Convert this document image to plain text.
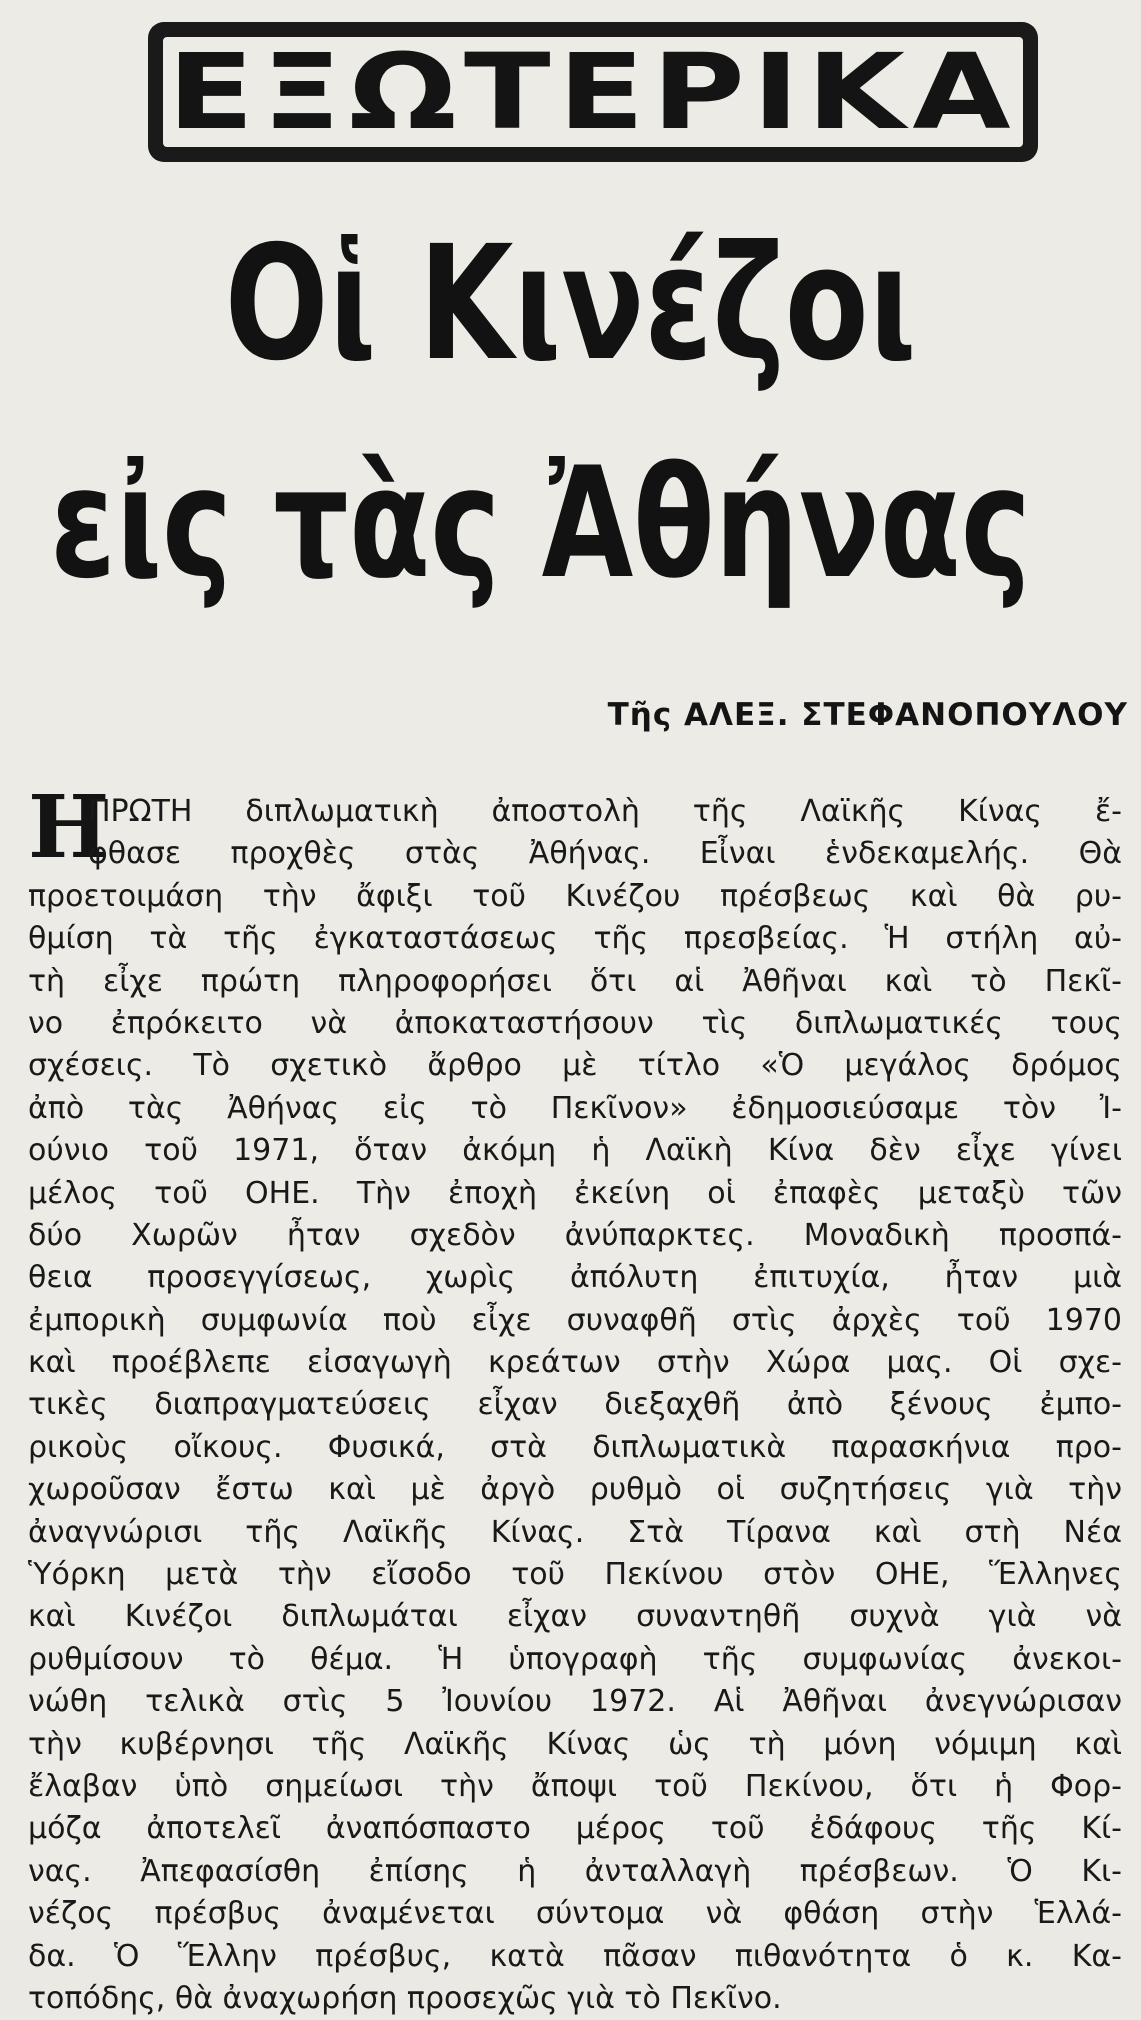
ΕΞΩΤΕΡΙΚΑ
Οἱ Κινέζοι
εἰς τὰς Ἀθήνας
Τῆς ΑΛΕΞ. ΣΤΕΦΑΝΟΠΟΥΛΟΥ
Η
ΠΡΩΤΗ διπλωματικὴ ἀποστολὴ τῆς Λαϊκῆς Κίνας ἔ-
φθασε προχθὲς στὰς Ἀθήνας. Εἶναι ἑνδεκαμελής. Θὰ
προετοιμάση τὴν ἄφιξι τοῦ Κινέζου πρέσβεως καὶ θὰ ρυ-
θμίση τὰ τῆς ἐγκαταστάσεως τῆς πρεσβείας. Ἡ στήλη αὐ-
τὴ εἶχε πρώτη πληροφορήσει ὅτι αἱ Ἀθῆναι καὶ τὸ Πεκῖ-
νο ἐπρόκειτο νὰ ἀποκαταστήσουν τὶς διπλωματικές τους
σχέσεις. Τὸ σχετικὸ ἄρθρο μὲ τίτλο «Ὁ μεγάλος δρόμος
ἀπὸ τὰς Ἀθήνας εἰς τὸ Πεκῖνον» ἐδημοσιεύσαμε τὸν Ἰ-
ούνιο τοῦ 1971, ὅταν ἀκόμη ἡ Λαϊκὴ Κίνα δὲν εἶχε γίνει
μέλος τοῦ ΟΗΕ. Τὴν ἐποχὴ ἐκείνη οἱ ἐπαφὲς μεταξὺ τῶν
δύο Χωρῶν ἦταν σχεδὸν ἀνύπαρκτες. Μοναδικὴ προσπά-
θεια προσεγγίσεως, χωρὶς ἀπόλυτη ἐπιτυχία, ἦταν μιὰ
ἐμπορικὴ συμφωνία ποὺ εἶχε συναφθῆ στὶς ἀρχὲς τοῦ 1970
καὶ προέβλεπε εἰσαγωγὴ κρεάτων στὴν Χώρα μας. Οἱ σχε-
τικὲς διαπραγματεύσεις εἶχαν διεξαχθῆ ἀπὸ ξένους ἐμπο-
ρικοὺς οἴκους. Φυσικά, στὰ διπλωματικὰ παρασκήνια προ-
χωροῦσαν ἔστω καὶ μὲ ἀργὸ ρυθμὸ οἱ συζητήσεις γιὰ τὴν
ἀναγνώρισι τῆς Λαϊκῆς Κίνας. Στὰ Τίρανα καὶ στὴ Νέα
Ὑόρκη μετὰ τὴν εἴσοδο τοῦ Πεκίνου στὸν ΟΗΕ, Ἕλληνες
καὶ Κινέζοι διπλωμάται εἶχαν συναντηθῆ συχνὰ γιὰ νὰ
ρυθμίσουν τὸ θέμα. Ἡ ὑπογραφὴ τῆς συμφωνίας ἀνεκοι-
νώθη τελικὰ στὶς 5 Ἰουνίου 1972. Αἱ Ἀθῆναι ἀνεγνώρισαν
τὴν κυβέρνησι τῆς Λαϊκῆς Κίνας ὡς τὴ μόνη νόμιμη καὶ
ἔλαβαν ὑπὸ σημείωσι τὴν ἄποψι τοῦ Πεκίνου, ὅτι ἡ Φορ-
μόζα ἀποτελεῖ ἀναπόσπαστο μέρος τοῦ ἐδάφους τῆς Κί-
νας. Ἀπεφασίσθη ἐπίσης ἡ ἀνταλλαγὴ πρέσβεων. Ὁ Κι-
νέζος πρέσβυς ἀναμένεται σύντομα νὰ φθάση στὴν Ἑλλά-
δα. Ὁ Ἕλλην πρέσβυς, κατὰ πᾶσαν πιθανότητα ὁ κ. Κα-
τοπόδης, θὰ ἀναχωρήση προσεχῶς γιὰ τὸ Πεκῖνο.
